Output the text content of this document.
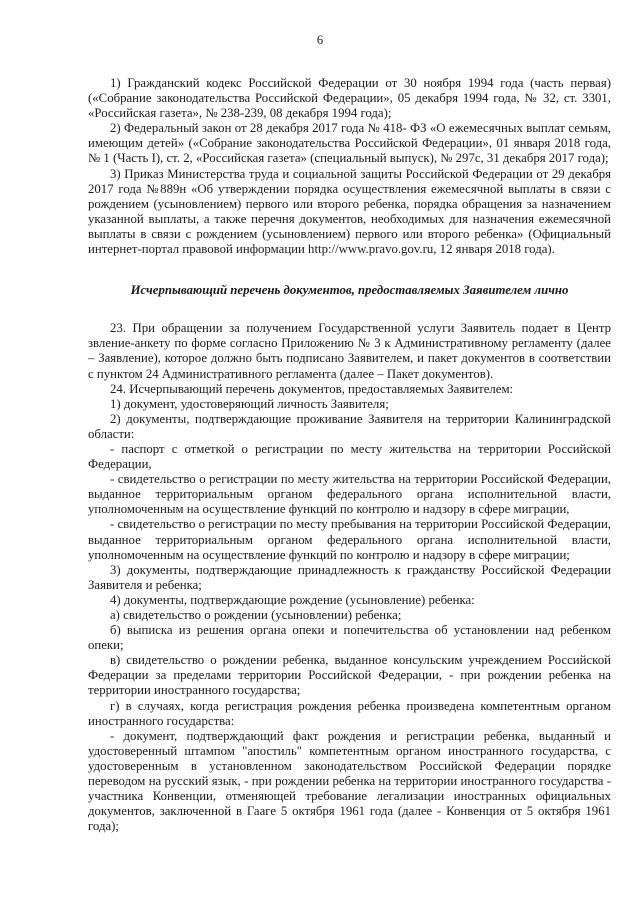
6

1) Гражданский кодекс Российской Федерации от 30 ноября 1994 года (часть первая) («Собрание законодательства Российской Федерации», 05 декабря 1994 года, № 32, ст. 3301, «Российская газета», № 238-239, 08 декабря 1994 года);

2) Федеральный закон от 28 декабря 2017 года № 418- ФЗ «О ежемесячных выплат семьям, имеющим детей» («Собрание законодательства Российской Федерации», 01 января 2018 года, № 1 (Часть I), ст. 2, «Российская газета» (специальный выпуск), № 297с, 31 декабря 2017 года);

3) Приказ Министерства труда и социальной защиты Российской Федерации от 29 декабря 2017 года №889н «Об утверждении порядка осуществления ежемесячной выплаты в связи с рождением (усыновлением) первого или второго ребенка, порядка обращения за назначением указанной выплаты, а также перечня документов, необходимых для назначения ежемесячной выплаты в связи с рождением (усыновлением) первого или второго ребенка» (Официальный интернет-портал правовой информации http://www.pravo.gov.ru, 12 января 2018 года).

Исчерпывающий перечень документов, предоставляемых Заявителем лично

23. При обращении за получением Государственной услуги Заявитель подает в Центр звление-анкету по форме согласно Приложению № 3 к Административному регламенту (далее – Заявление), которое должно быть подписано Заявителем, и пакет документов в соответствии с пунктом 24 Административного регламента (далее – Пакет документов).

24. Исчерпывающий перечень документов, предоставляемых Заявителем:

1) документ, удостоверяющий личность Заявителя;

2) документы, подтверждающие проживание Заявителя на территории Калининградской области:

- паспорт с отметкой о регистрации по месту жительства на территории Российской Федерации,

- свидетельство о регистрации по месту жительства на территории Российской Федерации, выданное территориальным органом федерального органа исполнительной власти, уполномоченным на осуществление функций по контролю и надзору в сфере миграции,

- свидетельство о регистрации по месту пребывания на территории Российской Федерации, выданное территориальным органом федерального органа исполнительной власти, уполномоченным на осуществление функций по контролю и надзору в сфере миграции;

3) документы, подтверждающие принадлежность к гражданству Российской Федерации Заявителя и ребенка;

4) документы, подтверждающие рождение (усыновление) ребенка:

а) свидетельство о рождении (усыновлении) ребенка;

б) выписка из решения органа опеки и попечительства об установлении над ребенком опеки;

в) свидетельство о рождении ребенка, выданное консульским учреждением Российской Федерации за пределами территории Российской Федерации, - при рождении ребенка на территории иностранного государства;

г) в случаях, когда регистрация рождения ребенка произведена компетентным органом иностранного государства:

- документ, подтверждающий факт рождения и регистрации ребенка, выданный и удостоверенный штампом "апостиль" компетентным органом иностранного государства, с удостоверенным в установленном законодательством Российской Федерации порядке переводом на русский язык, - при рождении ребенка на территории иностранного государства - участника Конвенции, отменяющей требование легализации иностранных официальных документов, заключенной в Гааге 5 октября 1961 года (далее - Конвенция от 5 октября 1961 года);
